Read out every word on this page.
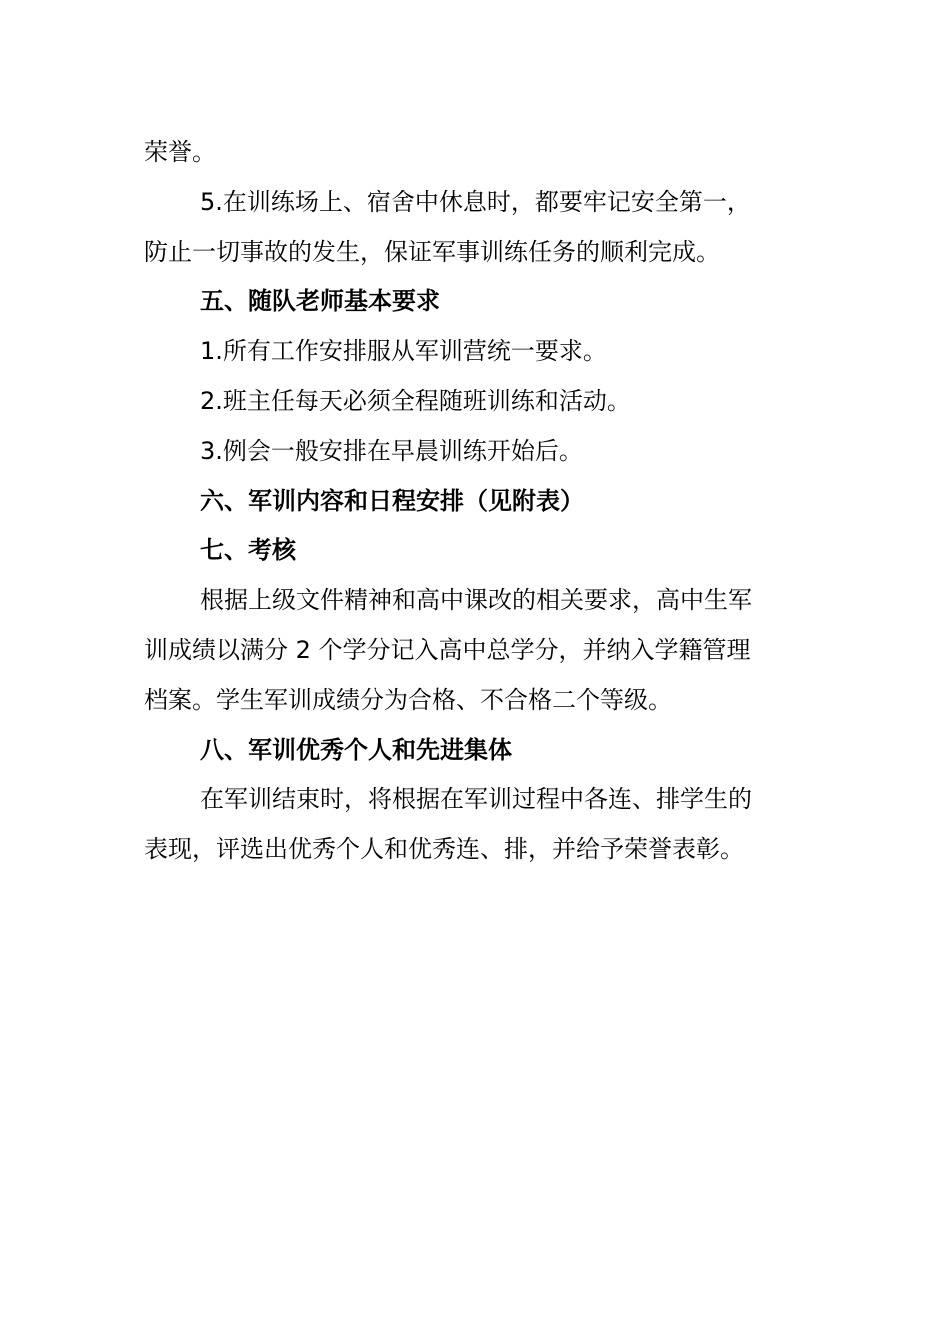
荣誉。

5.在训练场上、宿舍中休息时，都要牢记安全第一，

防止一切事故的发生，保证军事训练任务的顺利完成。

五、随队老师基本要求

1.所有工作安排服从军训营统一要求。

2.班主任每天必须全程随班训练和活动。

3.例会一般安排在早晨训练开始后。

六、军训内容和日程安排（见附表）

七、考核

根据上级文件精神和高中课改的相关要求，高中生军

训成绩以满分 2 个学分记入高中总学分，并纳入学籍管理

档案。学生军训成绩分为合格、不合格二个等级。

八、军训优秀个人和先进集体

在军训结束时，将根据在军训过程中各连、排学生的

表现，评选出优秀个人和优秀连、排，并给予荣誉表彰。
